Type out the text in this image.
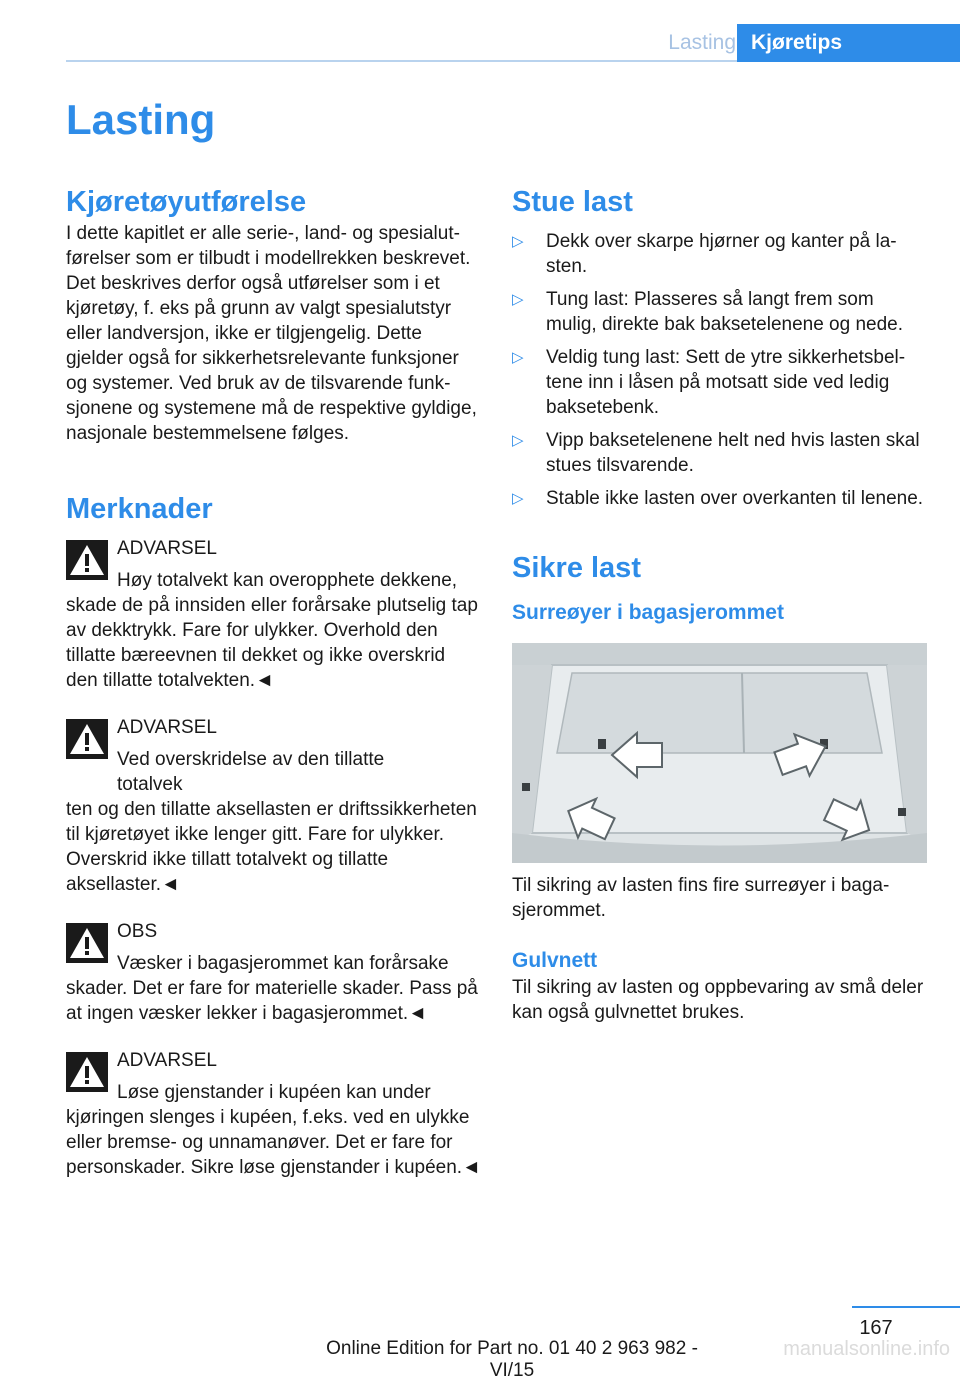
Lasting Kjøretips
Lasting
Kjøretøyutførelse

I dette kapitlet er alle serie-, land- og spesialutførelser som er tilbudt i modellrekken beskrevet. Det beskrives derfor også utførelser som i et kjøretøy, f. eks på grunn av valgt spesialutstyr eller landversjon, ikke er tilgjengelig. Dette gjelder også for sikkerhetsrelevante funksjoner og systemer. Ved bruk av de tilsvarende funksjonene og systemene må de respektive gyldige, nasjonale bestemmelsene følges.

Merknader

ADVARSEL

Høy totalvekt kan overopphete dekkene,

skade de på innsiden eller forårsake plutselig tap av dekktrykk. Fare for ulykker. Overhold den tillatte bæreevnen til dekket og ikke overskrid den tillatte totalvekten.◄

ADVARSEL

Ved overskridelse av den tillatte totalvek

ten og den tillatte aksellasten er driftssikkerheten til kjøretøyet ikke lenger gitt. Fare for ulykker. Overskrid ikke tillatt totalvekt og tillatte aksellaster.◄

OBS

Væsker i bagasjerommet kan forårsake

skader. Det er fare for materielle skader. Pass på at ingen væsker lekker i bagasjerommet.◄

ADVARSEL

Løse gjenstander i kupéen kan under

kjøringen slenges i kupéen, f.eks. ved en ulykke eller bremse- og unnamanøver. Det er fare for personskader. Sikre løse gjenstander i kupéen.◄

Stue last
▷	Dekk over skarpe hjørner og kanter på lasten.
▷	Tung last: Plasseres så langt frem som mulig, direkte bak baksetelenene og nede.
▷	Veldig tung last: Sett de ytre sikkerhetsbeltene inn i låsen på motsatt side ved ledig baksetebenk.
▷	Vipp baksetelenene helt ned hvis lasten skal stues tilsvarende.
▷	Stable ikke lasten over overkanten til lenene.
Sikre last
Surreøyer i bagasjerommet

Til sikring av lasten fins fire surreøyer i bagasjerommet.

Gulvnett

Til sikring av lasten og oppbevaring av små deler kan også gulvnettet brukes.

167
Online Edition for Part no. 01 40 2 963 982 - VI/15
manualsonline.info
